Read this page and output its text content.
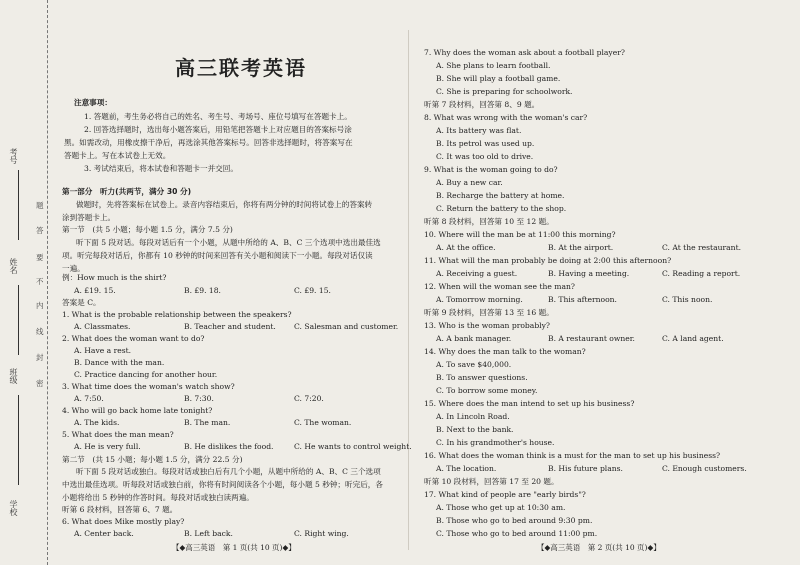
考号
姓名
班级
学校
题
答
要
不
内
线
封
密
高三联考英语
注意事项：
1. 答题前，考生务必将自己的姓名、考生号、考场号、座位号填写在答题卡上。
2. 回答选择题时，选出每小题答案后，用铅笔把答题卡上对应题目的答案标号涂
黑。如需改动，用橡皮擦干净后，再选涂其他答案标号。回答非选择题时，将答案写在
答题卡上。写在本试卷上无效。
3. 考试结束后，将本试卷和答题卡一并交回。
第一部分　听力(共两节，满分 30 分)
做题时，先将答案标在试卷上。录音内容结束后，你将有两分钟的时间将试卷上的答案转
涂到答题卡上。
第一节　(共 5 小题；每小题 1.5 分，满分 7.5 分)
听下面 5 段对话。每段对话后有一个小题，从题中所给的 A、B、C 三个选项中选出最佳选
项。听完每段对话后，你都有 10 秒钟的时间来回答有关小题和阅读下一小题。每段对话仅读
一遍。
例：How much is the shirt?
A. £19. 15.	B. £9. 18.	C. £9. 15.
答案是 C。
1. What is the probable relationship between the speakers?
A. Classmates.	B. Teacher and student. C. Salesman and customer.
2. What does the woman want to do?
A. Have a rest.
B. Dance with the man.
C. Practice dancing for another hour.
3. What time does the woman's watch show?
A. 7:50.	B. 7:30.	C. 7:20.
4. Who will go back home late tonight?
A. The kids.	B. The man.	C. The woman.
5. What does the man mean?
A. He is very full.	B. He dislikes the food.	C. He wants to control weight.
第二节　(共 15 小题；每小题 1.5 分，满分 22.5 分)
听下面 5 段对话或独白。每段对话或独白后有几个小题，从题中所给的 A、B、C 三个选项
中选出最佳选项。听每段对话或独白前，你将有时间阅读各个小题，每小题 5 秒钟；听完后，各
小题将给出 5 秒钟的作答时间。每段对话或独白读两遍。
听第 6 段材料，回答第 6、7 题。
6. What does Mike mostly play?
A. Center back.	B. Left back.	C. Right wing.
7. Why does the woman ask about a football player?
A. She plans to learn football.
B. She will play a football game.
C. She is preparing for schoolwork.
听第 7 段材料，回答第 8、9 题。
8. What was wrong with the woman's car?
A. Its battery was flat.
B. Its petrol was used up.
C. It was too old to drive.
9. What is the woman going to do?
A. Buy a new car.
B. Recharge the battery at home.
C. Return the battery to the shop.
听第 8 段材料，回答第 10 至 12 题。
10. Where will the man be at 11:00 this morning?
A. At the office.	B. At the airport.	C. At the restaurant.
11. What will the man probably be doing at 2:00 this afternoon?
A. Receiving a guest.	B. Having a meeting.	C. Reading a report.
12. When will the woman see the man?
A. Tomorrow morning.	B. This afternoon.	C. This noon.
听第 9 段材料，回答第 13 至 16 题。
13. Who is the woman probably?
A. A bank manager.	B. A restaurant owner.	C. A land agent.
14. Why does the man talk to the woman?
A. To save $40,000.
B. To answer questions.
C. To borrow some money.
15. Where does the man intend to set up his business?
A. In Lincoln Road.
B. Next to the bank.
C. In his grandmother's house.
16. What does the woman think is a must for the man to set up his business?
A. The location.	B. His future plans.	C. Enough customers.
听第 10 段材料，回答第 17 至 20 题。
17. What kind of people are "early birds"?
A. Those who get up at 10:30 am.
B. Those who go to bed around 9:30 pm.
C. Those who go to bed around 11:00 pm.
【◆高三英语　第 1 页(共 10 页)◆】	【◆高三英语　第 2 页(共 10 页)◆】
